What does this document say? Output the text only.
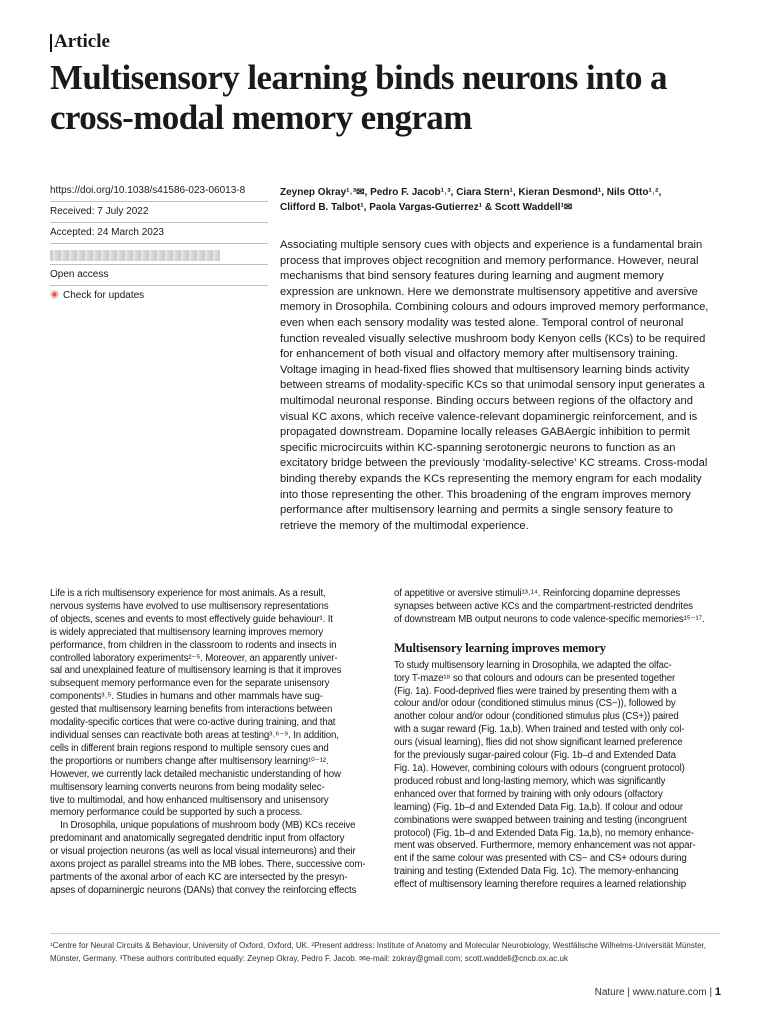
Article
Multisensory learning binds neurons into a
cross-modal memory engram
https://doi.org/10.1038/s41586-023-06013-8
Received: 7 July 2022
Accepted: 24 March 2023
Open access
Check for updates
Zeynep Okray¹˒³✉, Pedro F. Jacob¹˒³, Ciara Stern¹, Kieran Desmond¹, Nils Otto¹˒²,
Clifford B. Talbot¹, Paola Vargas-Gutierrez¹ & Scott Waddell¹✉

Associating multiple sensory cues with objects and experience is a fundamental brain
process that improves object recognition and memory performance. However, neural
mechanisms that bind sensory features during learning and augment memory
expression are unknown. Here we demonstrate multisensory appetitive and aversive
memory in Drosophila. Combining colours and odours improved memory performance,
even when each sensory modality was tested alone. Temporal control of neuronal
function revealed visually selective mushroom body Kenyon cells (KCs) to be required
for enhancement of both visual and olfactory memory after multisensory training.
Voltage imaging in head-fixed flies showed that multisensory learning binds activity
between streams of modality-specific KCs so that unimodal sensory input generates a
multimodal neuronal response. Binding occurs between regions of the olfactory and
visual KC axons, which receive valence-relevant dopaminergic reinforcement, and is
propagated downstream. Dopamine locally releases GABAergic inhibition to permit
specific microcircuits within KC-spanning serotonergic neurons to function as an
excitatory bridge between the previously ‘modality-selective’ KC streams. Cross-modal
binding thereby expands the KCs representing the memory engram for each modality
into those representing the other. This broadening of the engram improves memory
performance after multisensory learning and permits a single sensory feature to
retrieve the memory of the multimodal experience.

Life is a rich multisensory experience for most animals. As a result,
nervous systems have evolved to use multisensory representations
of objects, scenes and events to most effectively guide behaviour¹. It
is widely appreciated that multisensory learning improves memory
performance, from children in the classroom to rodents and insects in
controlled laboratory experiments²⁻⁵. Moreover, an apparently univer-
sal and unexplained feature of multisensory learning is that it improves
subsequent memory performance even for the separate unisensory
components³˒⁵. Studies in humans and other mammals have sug-
gested that multisensory learning benefits from interactions between
modality-specific cortices that were co-active during training, and that
individual senses can reactivate both areas at testing³˒⁶⁻⁹. In addition,
cells in different brain regions respond to multiple sensory cues and
the proportions or numbers change after multisensory learning¹⁰⁻¹².
However, we currently lack detailed mechanistic understanding of how
multisensory learning converts neurons from being modality selec-
tive to multimodal, and how enhanced multisensory and unisensory
memory performance could be supported by such a process.
In Drosophila, unique populations of mushroom body (MB) KCs receive
predominant and anatomically segregated dendritic input from olfactory
or visual projection neurons (as well as local visual interneurons) and their
axons project as parallel streams into the MB lobes. There, successive com-
partments of the axonal arbor of each KC are intersected by the presyn-
apses of dopaminergic neurons (DANs) that convey the reinforcing effects
of appetitive or aversive stimuli¹³˒¹⁴. Reinforcing dopamine depresses
synapses between active KCs and the compartment-restricted dendrites
of downstream MB output neurons to code valence-specific memories¹⁵⁻¹⁷.
Multisensory learning improves memory
To study multisensory learning in Drosophila, we adapted the olfac-
tory T-maze¹⁸ so that colours and odours can be presented together
(Fig. 1a). Food-deprived flies were trained by presenting them with a
colour and/or odour (conditioned stimulus minus (CS−)), followed by
another colour and/or odour (conditioned stimulus plus (CS+)) paired
with a sugar reward (Fig. 1a,b). When trained and tested with only col-
ours (visual learning), flies did not show significant learned preference
for the previously sugar-paired colour (Fig. 1b–d and Extended Data
Fig. 1a). However, combining colours with odours (congruent protocol)
produced robust and long-lasting memory, which was significantly
enhanced over that formed by training with only odours (olfactory
learning) (Fig. 1b–d and Extended Data Fig. 1a,b). If colour and odour
combinations were swapped between training and testing (incongruent
protocol) (Fig. 1b–d and Extended Data Fig. 1a,b), no memory enhance-
ment was observed. Furthermore, memory enhancement was not appar-
ent if the same colour was presented with CS− and CS+ odours during
training and testing (Extended Data Fig. 1c). The memory-enhancing
effect of multisensory learning therefore requires a learned relationship
¹Centre for Neural Circuits & Behaviour, University of Oxford, Oxford, UK. ²Present address: Institute of Anatomy and Molecular Neurobiology, Westfälische Wilhelms-Universität Münster,
Münster, Germany. ³These authors contributed equally: Zeynep Okray, Pedro F. Jacob. ✉e-mail: zokray@gmail.com; scott.waddell@cncb.ox.ac.uk
Nature | www.nature.com | 1
